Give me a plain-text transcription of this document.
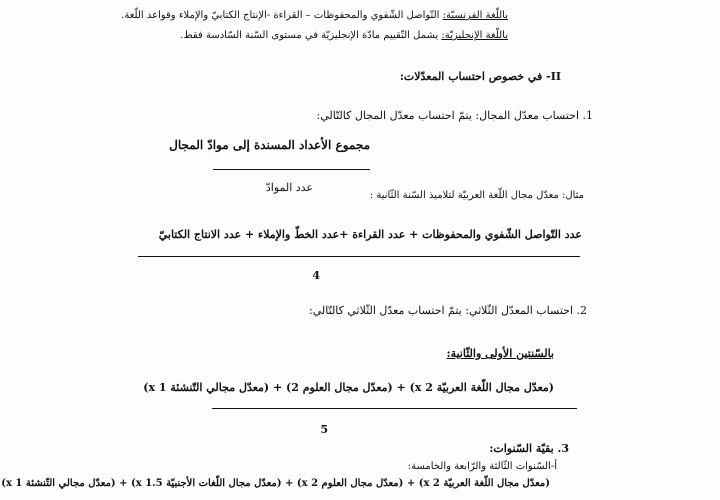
باللّغة الفرنسيّة: التّواصل الشّفوي والمحفوظات – القراءة -الإنتاج الكتابيّ والإملاء وقواعد اللّغة.
باللّغة الإنجليزيّة: يشمل التّقييم مادّة الإنجليزيّة في مستوى السّنة السّادسة فقط.
II- في خصوص احتساب المعدّلات:
1. احتساب معدّل المجال: يتمّ احتساب معدّل المجال كالتّالي:
مجموع الأعداد المسندة إلى موادّ المجال
عدد الموادّ
مثال: معدّل مجال اللّغة العربيّة لتلاميذ السّنة الثّانية :
عدد التّواصل الشّفوي والمحفوظات + عدد القراءة +عدد الخطّ والإملاء + عدد الانتاج الكتابيّ
4
2. احتساب المعدّل الثّلاثي: يتمّ احتساب معدّل الثّلاثي كالتّالي:
بالسّنتين الأولى والثّانية:
(معدّل مجال اللّغة العربيّة x 2) + (معدّل مجال العلوم 2) + (معدّل مجالي التّنشئة x 1)
5
3. بقيّة السّنوات:
أ-السّنوات الثّالثة والرّابعة والخامسة:
(معدّل مجال اللّغة العربيّة x 2) + (معدّل مجال العلوم x 2) + (معدّل مجال اللّغات الأجنبيّة x 1.5) + (معدّل مجالي التّنشئة x 1)
